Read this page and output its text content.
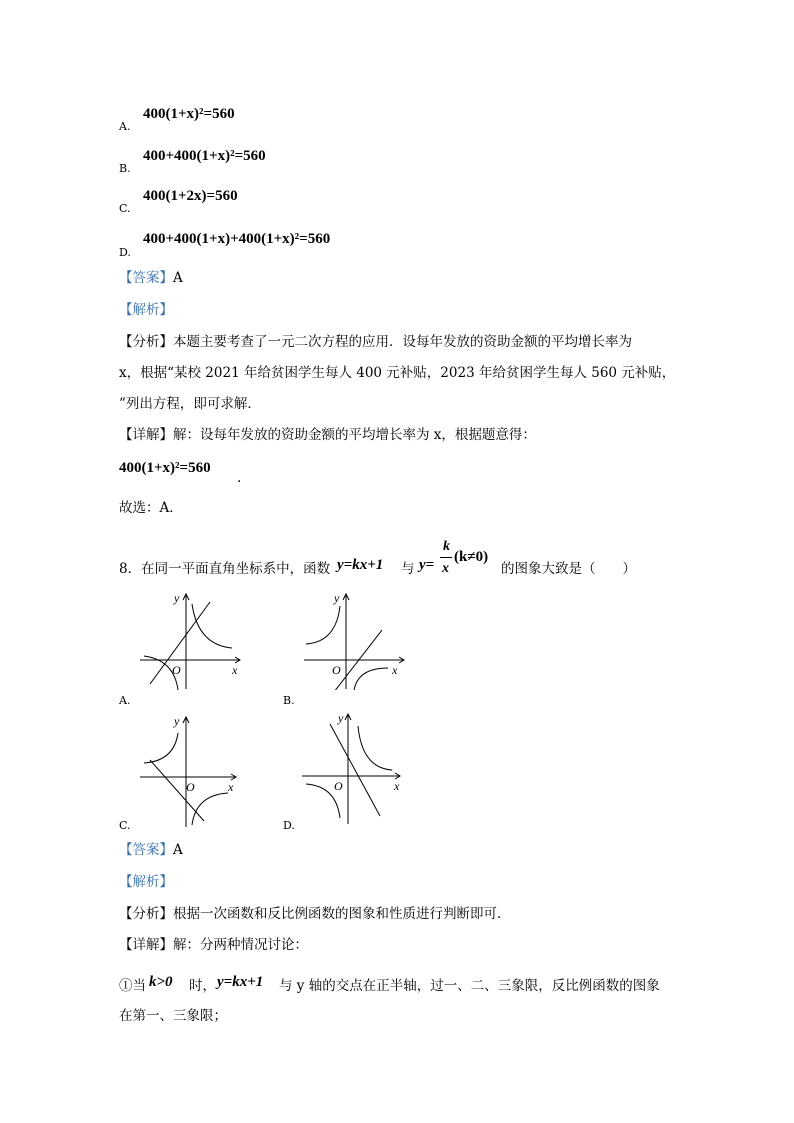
A.
400(1+x)²=560
B.
400+400(1+x)²=560
C.
400(1+2x)=560
D.
400+400(1+x)+400(1+x)²=560
【答案】A
【解析】
【分析】本题主要考查了一元二次方程的应用．设每年发放的资助金额的平均增长率为
x，根据“某校 2021 年给贫困学生每人 400 元补贴，2023 年给贫困学生每人 560 元补贴，
”列出方程，即可求解．
【详解】解：设每年发放的资助金额的平均增长率为 x，根据题意得：
400(1+x)²=560
.
故选：A．
8．在同一平面直角坐标系中，函数 y=kx+1 与 y=
k
x
(k≠0)
的图象大致是（　　）
x
y
O
A.
x
y
O
B.
x
y
O
C.
x
y
O
D.
【答案】A
【解析】
【分析】根据一次函数和反比例函数的图象和性质进行判断即可．
【详解】解：分两种情况讨论：
①当 k>0 时， y=kx+1 与 y 轴的交点在正半轴，过一、二、三象限，反比例函数的图象
在第一、三象限；
